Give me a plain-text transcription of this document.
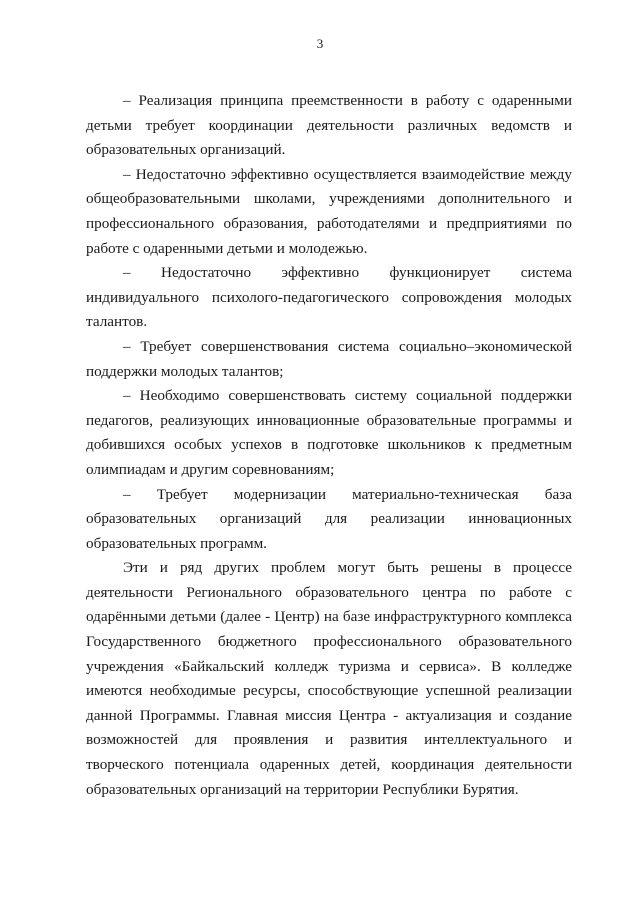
3

– Реализация принципа преемственности в работу с одаренными детьми требует координации деятельности различных ведомств и образовательных организаций.

– Недостаточно эффективно осуществляется взаимодействие между общеобразовательными школами, учреждениями дополнительного и профессионального образования, работодателями и предприятиями по работе с одаренными детьми и молодежью.

– Недостаточно эффективно функционирует система индивидуального психолого-педагогического сопровождения молодых талантов.

– Требует совершенствования система социально–экономической поддержки молодых талантов;

– Необходимо совершенствовать систему социальной поддержки педагогов, реализующих инновационные образовательные программы и добившихся особых успехов в подготовке школьников к предметным олимпиадам и другим соревнованиям;

– Требует модернизации материально-техническая база образовательных организаций для реализации инновационных образовательных программ.

Эти и ряд других проблем могут быть решены в процессе деятельности Регионального образовательного центра по работе с одарёнными детьми (далее - Центр) на базе инфраструктурного комплекса Государственного бюджетного профессионального образовательного учреждения «Байкальский колледж туризма и сервиса». В колледже имеются необходимые ресурсы, способствующие успешной реализации данной Программы. Главная миссия Центра - актуализация и создание возможностей для проявления и развития интеллектуального и творческого потенциала одаренных детей, координация деятельности образовательных организаций на территории Республики Бурятия.
